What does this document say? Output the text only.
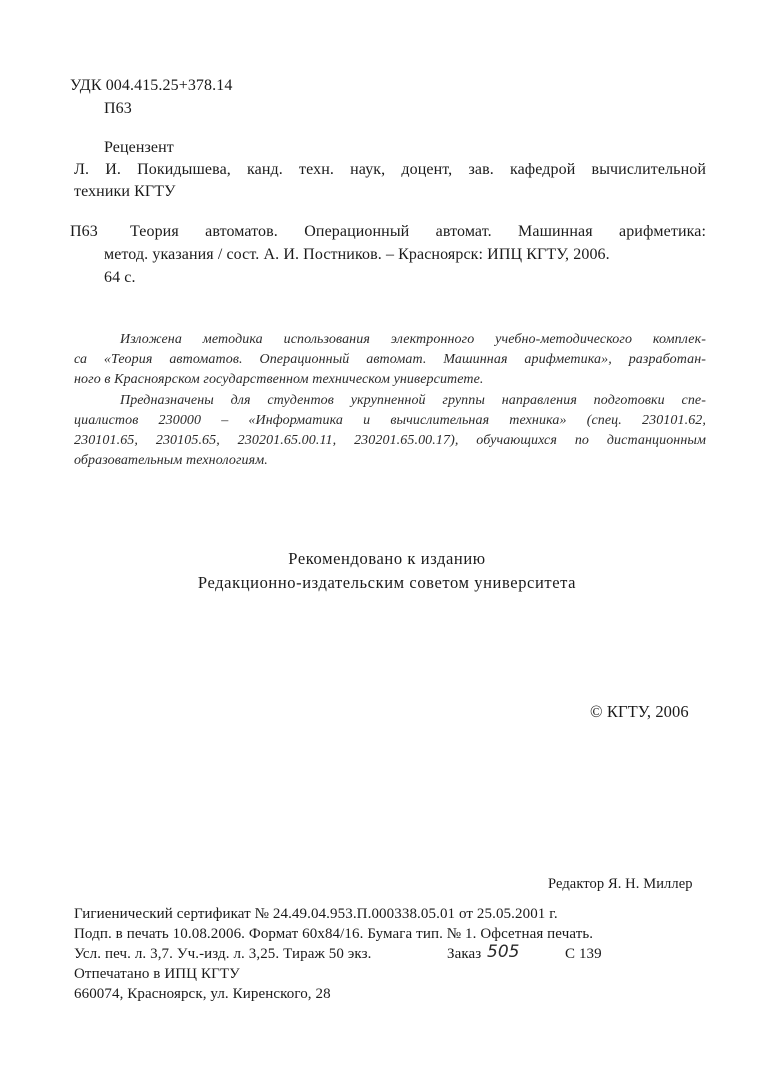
УДК 004.415.25+378.14
П63
Рецензент
Л. И. Покидышева, канд. техн. наук, доцент, зав. кафедрой вычислительной
техники КГТУ
П63 Теория автоматов. Операционный автомат. Машинная арифметика:
метод. указания / сост. А. И. Постников. – Красноярск: ИПЦ КГТУ, 2006.
64 с.
Изложена методика использования электронного учебно-методического комплек-
са «Теория автоматов. Операционный автомат. Машинная арифметика», разработан-
ного в Красноярском государственном техническом университете.
Предназначены для студентов укрупненной группы направления подготовки спе-
циалистов 230000 – «Информатика и вычислительная техника» (спец. 230101.62,
230101.65, 230105.65, 230201.65.00.11, 230201.65.00.17), обучающихся по дистанционным
образовательным технологиям.
Рекомендовано к изданию
Редакционно-издательским советом университета
© КГТУ, 2006
Редактор Я. Н. Миллер
Гигиенический сертификат № 24.49.04.953.П.000338.05.01 от 25.05.2001 г.
Подп. в печать 10.08.2006. Формат 60x84/16. Бумага тип. № 1. Офсетная печать.
Усл. печ. л. 3,7. Уч.-изд. л. 3,25. Тираж 50 экз.	Заказ 505	С 139
Отпечатано в ИПЦ КГТУ
660074, Красноярск, ул. Киренского, 28
